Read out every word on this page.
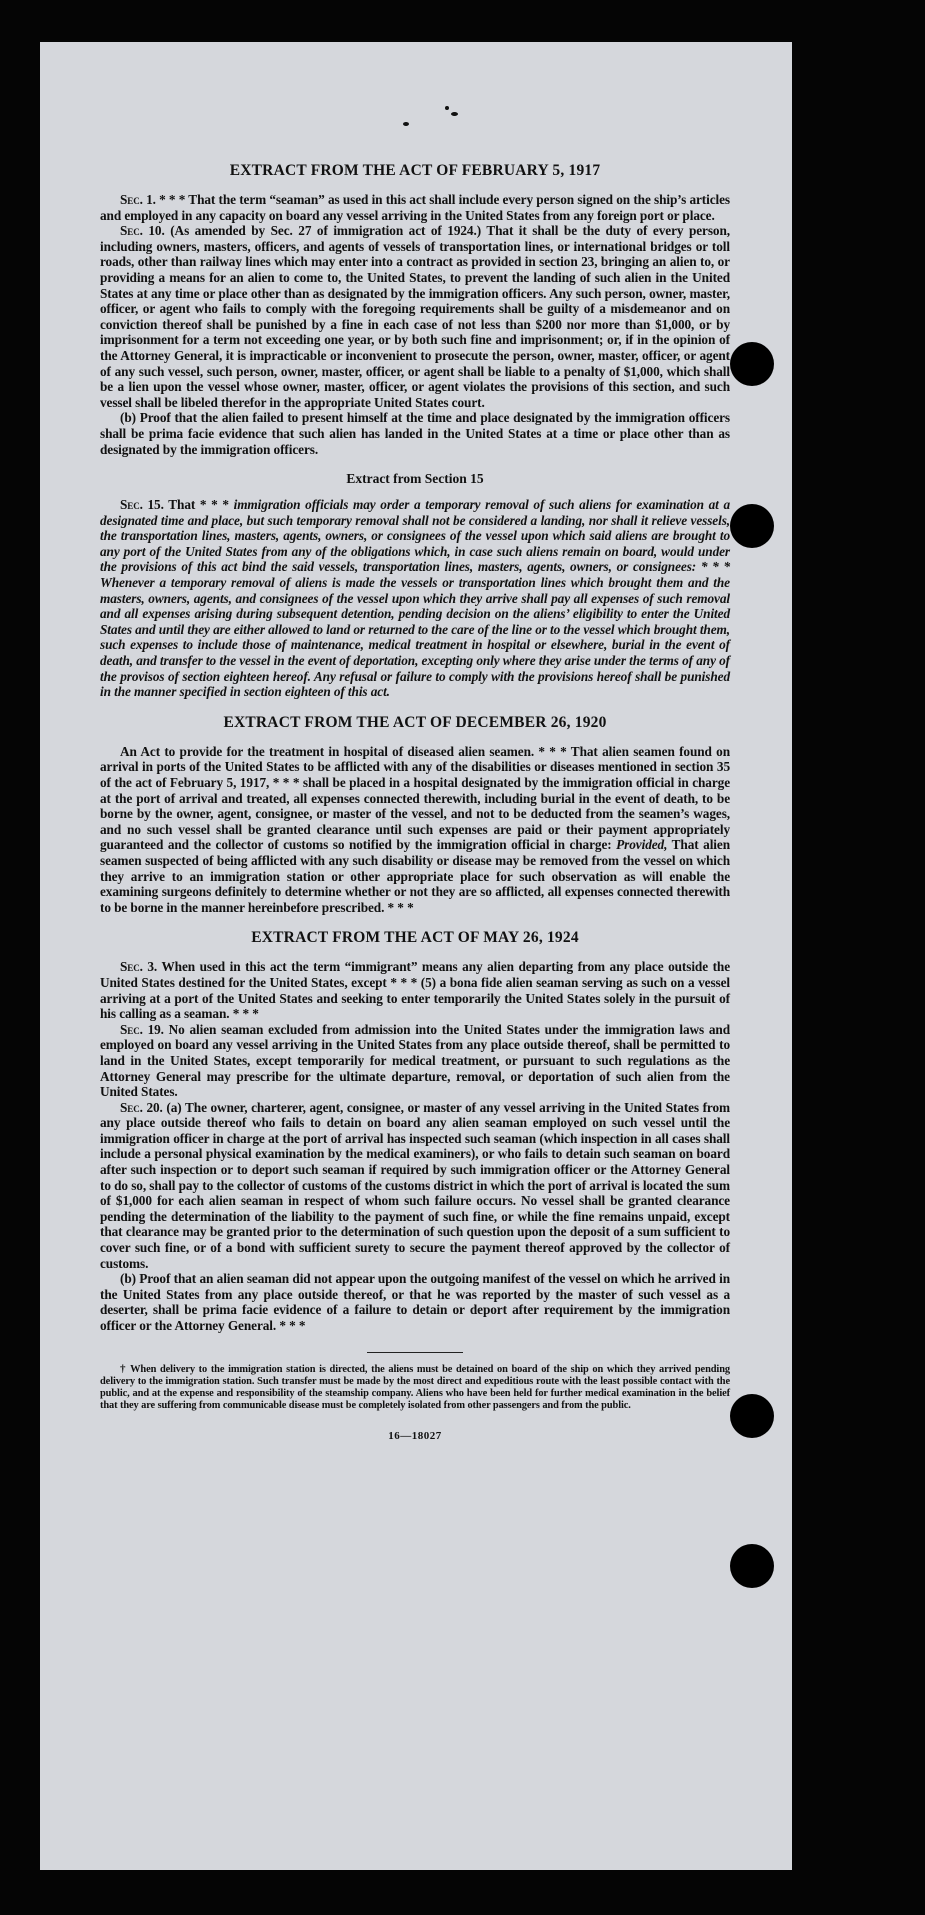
EXTRACT FROM THE ACT OF FEBRUARY 5, 1917

Sec. 1. * * * That the term “seaman” as used in this act shall include every person signed on the ship’s articles and employed in any capacity on board any vessel arriving in the United States from any foreign port or place.

Sec. 10. (As amended by Sec. 27 of immigration act of 1924.) That it shall be the duty of every person, including owners, masters, officers, and agents of vessels of transportation lines, or international bridges or toll roads, other than railway lines which may enter into a contract as provided in section 23, bringing an alien to, or providing a means for an alien to come to, the United States, to prevent the landing of such alien in the United States at any time or place other than as designated by the immigration officers. Any such person, owner, master, officer, or agent who fails to comply with the foregoing requirements shall be guilty of a misdemeanor and on conviction thereof shall be punished by a fine in each case of not less than $200 nor more than $1,000, or by imprisonment for a term not exceeding one year, or by both such fine and imprisonment; or, if in the opinion of the Attorney General, it is impracticable or inconvenient to prosecute the person, owner, master, officer, or agent of any such vessel, such person, owner, master, officer, or agent shall be liable to a penalty of $1,000, which shall be a lien upon the vessel whose owner, master, officer, or agent violates the provisions of this section, and such vessel shall be libeled therefor in the appropriate United States court.

(b) Proof that the alien failed to present himself at the time and place designated by the immigration officers shall be prima facie evidence that such alien has landed in the United States at a time or place other than as designated by the immigration officers.

Extract from Section 15

Sec. 15. That * * * immigration officials may order a temporary removal of such aliens for examination at a designated time and place, but such temporary removal shall not be considered a landing, nor shall it relieve vessels, the transportation lines, masters, agents, owners, or consignees of the vessel upon which said aliens are brought to any port of the United States from any of the obligations which, in case such aliens remain on board, would under the provisions of this act bind the said vessels, transportation lines, masters, agents, owners, or consignees: * * * Whenever a temporary removal of aliens is made the vessels or transportation lines which brought them and the masters, owners, agents, and consignees of the vessel upon which they arrive shall pay all expenses of such removal and all expenses arising during subsequent detention, pending decision on the aliens’ eligibility to enter the United States and until they are either allowed to land or returned to the care of the line or to the vessel which brought them, such expenses to include those of maintenance, medical treatment in hospital or elsewhere, burial in the event of death, and transfer to the vessel in the event of deportation, excepting only where they arise under the terms of any of the provisos of section eighteen hereof. Any refusal or failure to comply with the provisions hereof shall be punished in the manner specified in section eighteen of this act.

EXTRACT FROM THE ACT OF DECEMBER 26, 1920

An Act to provide for the treatment in hospital of diseased alien seamen. * * * That alien seamen found on arrival in ports of the United States to be afflicted with any of the disabilities or diseases mentioned in section 35 of the act of February 5, 1917, * * * shall be placed in a hospital designated by the immigration official in charge at the port of arrival and treated, all expenses connected therewith, including burial in the event of death, to be borne by the owner, agent, consignee, or master of the vessel, and not to be deducted from the seamen’s wages, and no such vessel shall be granted clearance until such expenses are paid or their payment appropriately guaranteed and the collector of customs so notified by the immigration official in charge: Provided, That alien seamen suspected of being afflicted with any such disability or disease may be removed from the vessel on which they arrive to an immigration station or other appropriate place for such observation as will enable the examining surgeons definitely to determine whether or not they are so afflicted, all expenses connected therewith to be borne in the manner hereinbefore prescribed. * * *

EXTRACT FROM THE ACT OF MAY 26, 1924

Sec. 3. When used in this act the term “immigrant” means any alien departing from any place outside the United States destined for the United States, except * * * (5) a bona fide alien seaman serving as such on a vessel arriving at a port of the United States and seeking to enter temporarily the United States solely in the pursuit of his calling as a seaman. * * *

Sec. 19. No alien seaman excluded from admission into the United States under the immigration laws and employed on board any vessel arriving in the United States from any place outside thereof, shall be permitted to land in the United States, except temporarily for medical treatment, or pursuant to such regulations as the Attorney General may prescribe for the ultimate departure, removal, or deportation of such alien from the United States.

Sec. 20. (a) The owner, charterer, agent, consignee, or master of any vessel arriving in the United States from any place outside thereof who fails to detain on board any alien seaman employed on such vessel until the immigration officer in charge at the port of arrival has inspected such seaman (which inspection in all cases shall include a personal physical examination by the medical examiners), or who fails to detain such seaman on board after such inspection or to deport such seaman if required by such immigration officer or the Attorney General to do so, shall pay to the collector of customs of the customs district in which the port of arrival is located the sum of $1,000 for each alien seaman in respect of whom such failure occurs. No vessel shall be granted clearance pending the determination of the liability to the payment of such fine, or while the fine remains unpaid, except that clearance may be granted prior to the determination of such question upon the deposit of a sum sufficient to cover such fine, or of a bond with sufficient surety to secure the payment thereof approved by the collector of customs.

(b) Proof that an alien seaman did not appear upon the outgoing manifest of the vessel on which he arrived in the United States from any place outside thereof, or that he was reported by the master of such vessel as a deserter, shall be prima facie evidence of a failure to detain or deport after requirement by the immigration officer or the Attorney General. * * *

† When delivery to the immigration station is directed, the aliens must be detained on board of the ship on which they arrived pending delivery to the immigration station. Such transfer must be made by the most direct and expeditious route with the least possible contact with the public, and at the expense and responsibility of the steamship company. Aliens who have been held for further medical examination in the belief that they are suffering from communicable disease must be completely isolated from other passengers and from the public.

16—18027
